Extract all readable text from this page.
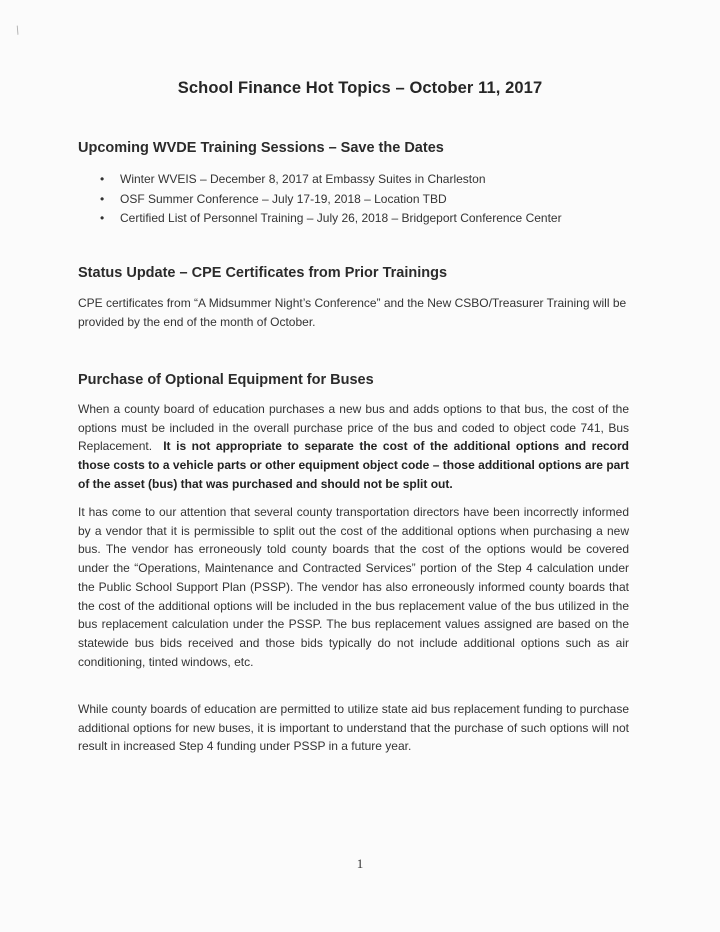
/
School Finance Hot Topics – October 11, 2017
Upcoming WVDE Training Sessions – Save the Dates
• Winter WVEIS – December 8, 2017 at Embassy Suites in Charleston
• OSF Summer Conference – July 17-19, 2018 – Location TBD
• Certified List of Personnel Training – July 26, 2018 – Bridgeport Conference Center
Status Update – CPE Certificates from Prior Trainings

CPE certificates from “A Midsummer Night’s Conference” and the New CSBO/Treasurer Training will be provided by the end of the month of October.

Purchase of Optional Equipment for Buses

When a county board of education purchases a new bus and adds options to that bus, the cost of the options must be included in the overall purchase price of the bus and coded to object code 741, Bus Replacement. It is not appropriate to separate the cost of the additional options and record those costs to a vehicle parts or other equipment object code – those additional options are part of the asset (bus) that was purchased and should not be split out.

It has come to our attention that several county transportation directors have been incorrectly informed by a vendor that it is permissible to split out the cost of the additional options when purchasing a new bus. The vendor has erroneously told county boards that the cost of the options would be covered under the “Operations, Maintenance and Contracted Services” portion of the Step 4 calculation under the Public School Support Plan (PSSP). The vendor has also erroneously informed county boards that the cost of the additional options will be included in the bus replacement value of the bus utilized in the bus replacement calculation under the PSSP. The bus replacement values assigned are based on the statewide bus bids received and those bids typically do not include additional options such as air conditioning, tinted windows, etc.

While county boards of education are permitted to utilize state aid bus replacement funding to purchase additional options for new buses, it is important to understand that the purchase of such options will not result in increased Step 4 funding under PSSP in a future year.

1
